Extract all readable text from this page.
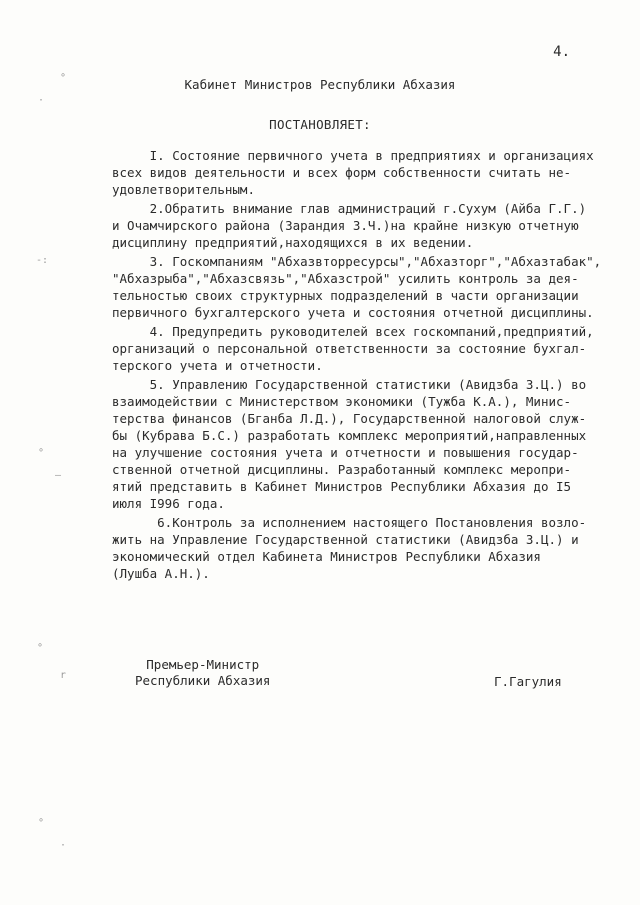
4.
Кабинет Министров Республики Абхазия
ПОСТАНОВЛЯЕТ:
I. Состояние первичного учета в предприятиях и организациях
всех видов деятельности и всех форм собственности считать не-
удовлетворительным.
2.Обратить внимание глав администраций г.Сухум (Айба Г.Г.)
и Очамчирского района (Зарандия З.Ч.)на крайне низкую отчетную
дисциплину предприятий,находящихся в их ведении.
3. Госкомпаниям "Абхазвторресурсы","Абхазторг","Абхазтабак",
"Абхазрыба","Абхазсвязь","Абхазстрой" усилить контроль за дея-
тельностью своих структурных подразделений в части организации
первичного бухгалтерского учета и состояния отчетной дисциплины.
4. Предупредить руководителей всех госкомпаний,предприятий,
организаций о персональной ответственности за состояние бухгал-
терского учета и отчетности.
5. Управлению Государственной статистики (Авидзба З.Ц.) во
взаимодействии с Министерством экономики (Тужба К.А.), Минис-
терства финансов (Бганба Л.Д.), Государственной налоговой служ-
бы (Кубрава Б.С.) разработать комплекс мероприятий,направленных
на улучшение состояния учета и отчетности и повышения государ-
ственной отчетной дисциплины. Разработанный комплекс меропри-
ятий представить в Кабинет Министров Республики Абхазия до I5
июля I996 года.
6.Контроль за исполнением настоящего Постановления возло-
жить на Управление Государственной статистики (Авидзба З.Ц.) и
экономический отдел Кабинета Министров Республики Абхазия
(Лушба А.Н.).
Премьер-Министр
Республики Абхазия	Г.Гагулия
∘
·
-:
∘
–
∘
r
∘
·
